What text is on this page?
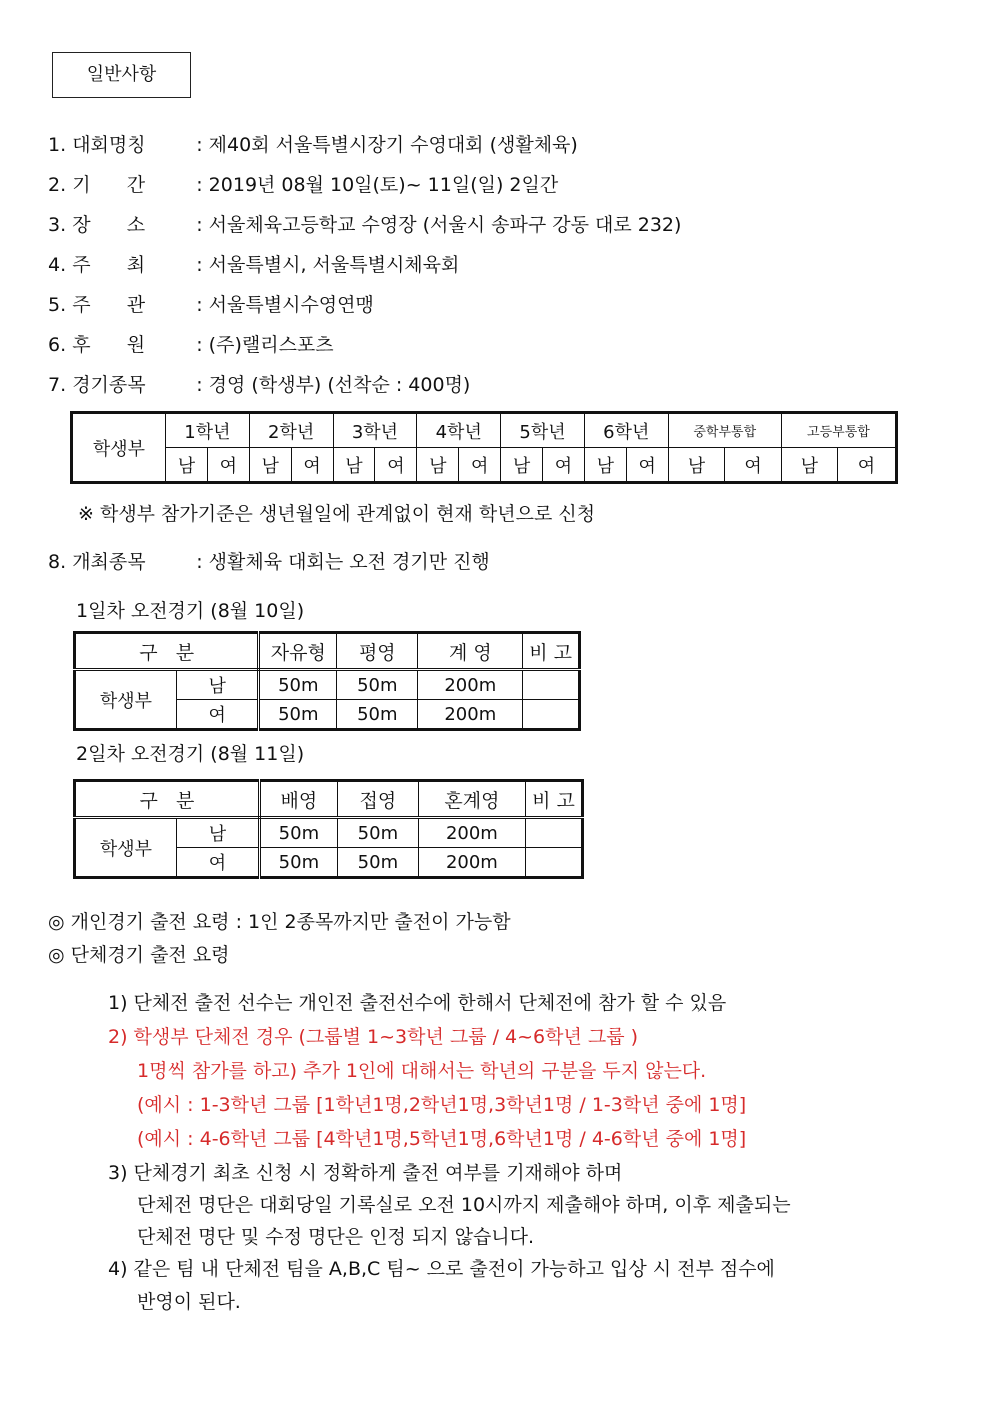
일반사항
1. 대회명칭	: 제40회 서울특별시장기 수영대회 (생활체육)
2. 기      간	: 2019년 08월 10일(토)~ 11일(일) 2일간
3. 장      소	: 서울체육고등학교 수영장 (서울시 송파구 강동 대로 232)
4. 주      최	: 서울특별시, 서울특별시체육회
5. 주      관	: 서울특별시수영연맹
6. 후      원	: (주)랠리스포츠
7. 경기종목	: 경영 (학생부) (선착순 : 400명)
학생부	1학년		2학년		3학년		4학년		5학년		6학년		중학부통합		고등부통합	
	남	여	남	여	남	여	남	여	남	여	남	여	남	여	남	여
※ 학생부 참가기준은 생년월일에 관계없이 현재 학년으로 신청
8. 개최종목	: 생활체육 대회는 오전 경기만 진행
1일차 오전경기 (8월 10일)
구   분		자유형	평영	계 영	비 고
학생부	남	50m	50m	200m	
	여	50m	50m	200m	
2일차 오전경기 (8월 11일)
구   분		배영	접영	혼계영	비 고
학생부	남	50m	50m	200m	
	여	50m	50m	200m	
◎ 개인경기 출전 요령 : 1인 2종목까지만 출전이 가능함
◎ 단체경기 출전 요령
1) 단체전 출전 선수는 개인전 출전선수에 한해서 단체전에 참가 할 수 있음
2) 학생부 단체전 경우 (그룹별 1~3학년 그룹 / 4~6학년 그룹 )
1명씩 참가를 하고) 추가 1인에 대해서는 학년의 구분을 두지 않는다.
(예시 : 1-3학년 그룹 [1학년1명,2학년1명,3학년1명 / 1-3학년 중에 1명]
(예시 : 4-6학년 그룹 [4학년1명,5학년1명,6학년1명 / 4-6학년 중에 1명]
3) 단체경기 최초 신청 시 정확하게 출전 여부를 기재해야 하며
단체전 명단은 대회당일 기록실로 오전 10시까지 제출해야 하며, 이후 제출되는
단체전 명단 및 수정 명단은 인정 되지 않습니다.
4) 같은 팀 내 단체전 팀을 A,B,C 팀~ 으로 출전이 가능하고 입상 시 전부 점수에
반영이 된다.
